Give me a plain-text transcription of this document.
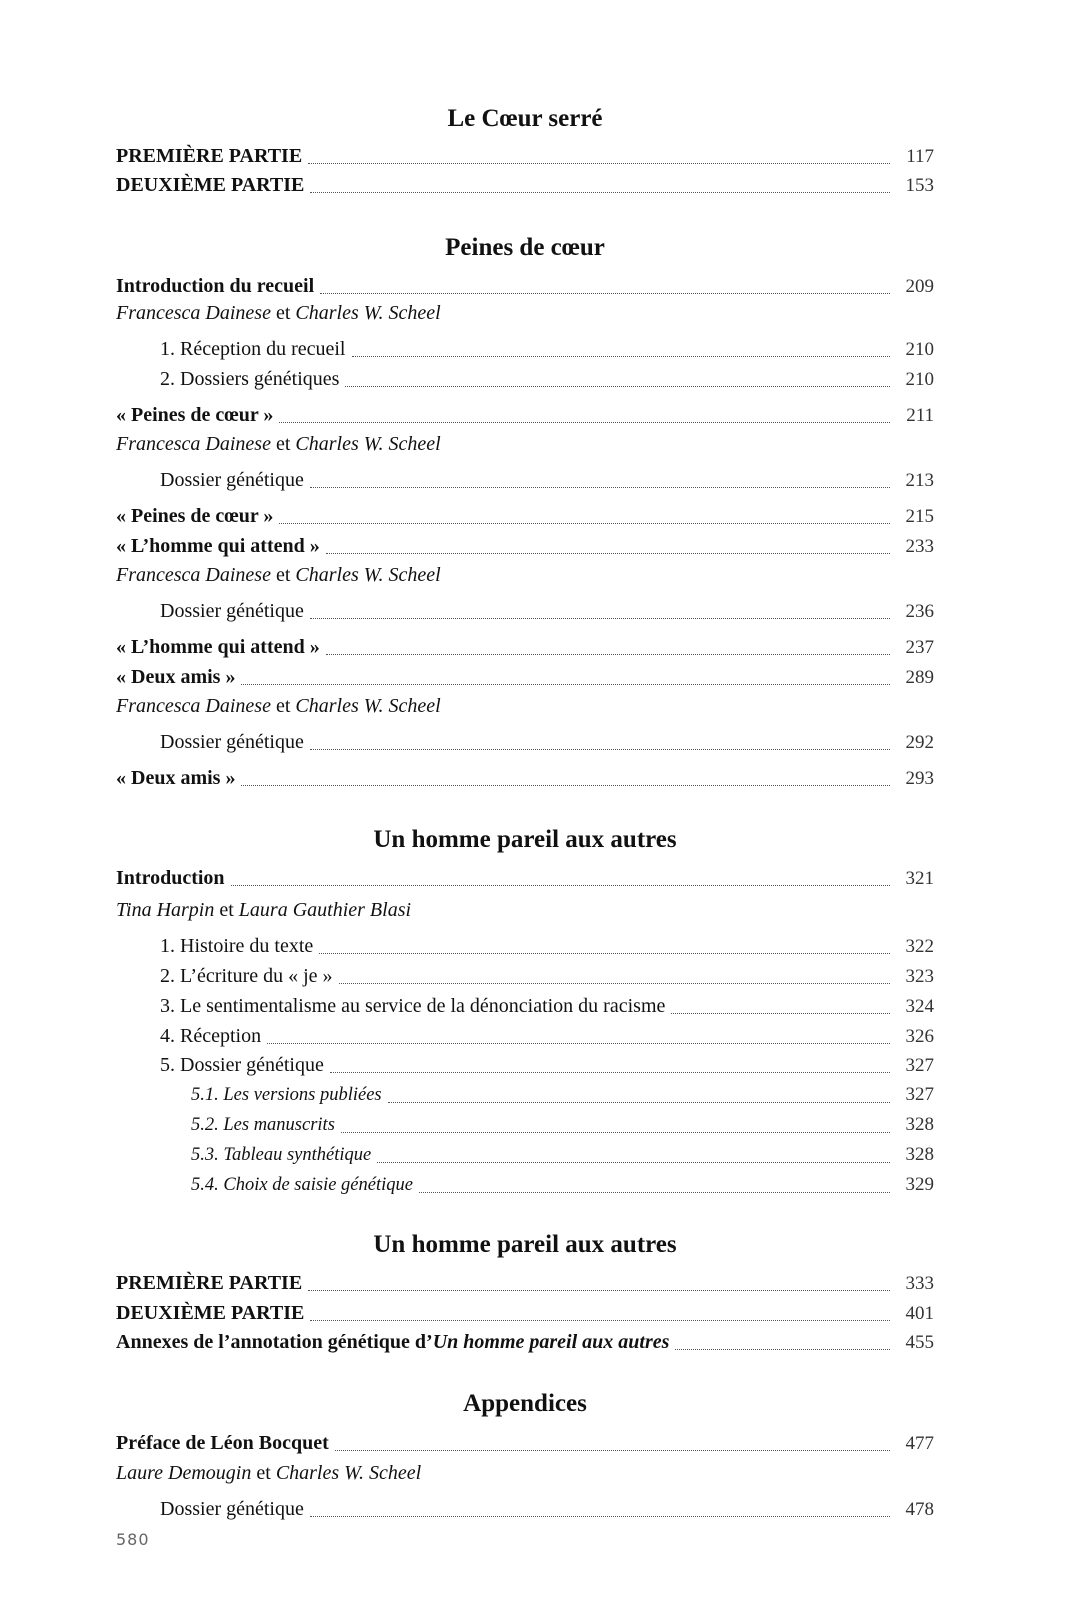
Le Cœur serré
PREMIÈRE PARTIE	117
DEUXIÈME PARTIE	153
Peines de cœur
Introduction du recueil	209
Francesca Dainese et Charles W. Scheel
1. Réception du recueil	210
2. Dossiers génétiques	210
« Peines de cœur »	211
Francesca Dainese et Charles W. Scheel
Dossier génétique	213
« Peines de cœur »	215
« L’homme qui attend »	233
Francesca Dainese et Charles W. Scheel
Dossier génétique	236
« L’homme qui attend »	237
« Deux amis »	289
Francesca Dainese et Charles W. Scheel
Dossier génétique	292
« Deux amis »	293
Un homme pareil aux autres
Introduction	321
Tina Harpin et Laura Gauthier Blasi
1. Histoire du texte	322
2. L’écriture du « je »	323
3. Le sentimentalisme au service de la dénonciation du racisme	324
4. Réception	326
5. Dossier génétique	327
5.1. Les versions publiées	327
5.2. Les manuscrits	328
5.3. Tableau synthétique	328
5.4. Choix de saisie génétique	329
Un homme pareil aux autres
PREMIÈRE PARTIE	333
DEUXIÈME PARTIE	401
Annexes de l’annotation génétique d’Un homme pareil aux autres	455
Appendices
Préface de Léon Bocquet	477
Laure Demougin et Charles W. Scheel
Dossier génétique	478
580
